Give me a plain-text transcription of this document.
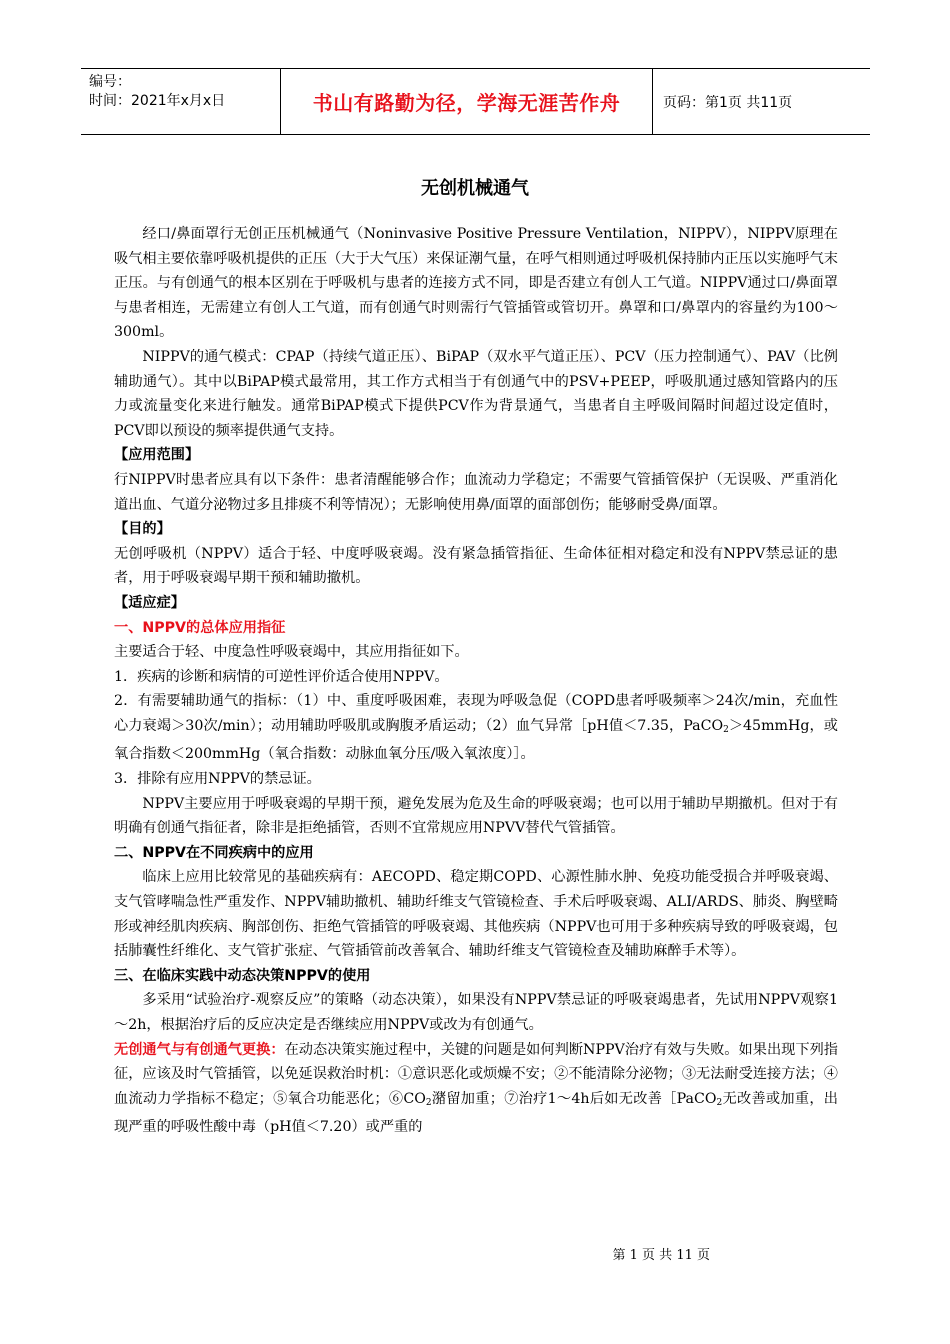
编号：
时间：2021年x月x日	书山有路勤为径，学海无涯苦作舟	页码：第1页 共11页
无创机械通气

经口/鼻面罩行无创正压机械通气（Noninvasive Positive Pressure Ventilation，NIPPV），NIPPV原理在吸气相主要依靠呼吸机提供的正压（大于大气压）来保证潮气量，在呼气相则通过呼吸机保持肺内正压以实施呼气末正压。与有创通气的根本区别在于呼吸机与患者的连接方式不同，即是否建立有创人工气道。NIPPV通过口/鼻面罩与患者相连，无需建立有创人工气道，而有创通气时则需行气管插管或管切开。鼻罩和口/鼻罩内的容量约为100～300ml。

NIPPV的通气模式：CPAP（持续气道正压）、BiPAP（双水平气道正压）、PCV（压力控制通气）、PAV（比例辅助通气）。其中以BiPAP模式最常用，其工作方式相当于有创通气中的PSV+PEEP，呼吸肌通过感知管路内的压力或流量变化来进行触发。通常BiPAP模式下提供PCV作为背景通气，当患者自主呼吸间隔时间超过设定值时，PCV即以预设的频率提供通气支持。

【应用范围】

行NIPPV时患者应具有以下条件：患者清醒能够合作；血流动力学稳定；不需要气管插管保护（无误吸、严重消化道出血、气道分泌物过多且排痰不利等情况）；无影响使用鼻/面罩的面部创伤；能够耐受鼻/面罩。

【目的】

无创呼吸机（NPPV）适合于轻、中度呼吸衰竭。没有紧急插管指征、生命体征相对稳定和没有NPPV禁忌证的患者，用于呼吸衰竭早期干预和辅助撤机。

【适应症】

一、NPPV的总体应用指征

主要适合于轻、中度急性呼吸衰竭中，其应用指征如下。

1．疾病的诊断和病情的可逆性评价适合使用NPPV。

2．有需要辅助通气的指标：（1）中、重度呼吸困难，表现为呼吸急促（COPD患者呼吸频率＞24次/min，充血性心力衰竭＞30次/min）；动用辅助呼吸肌或胸腹矛盾运动；（2）血气异常［pH值＜7.35，PaCO$_2$＞45mmHg，或氧合指数＜200mmHg（氧合指数：动脉血氧分压/吸入氧浓度）］。

3．排除有应用NPPV的禁忌证。

NPPV主要应用于呼吸衰竭的早期干预，避免发展为危及生命的呼吸衰竭；也可以用于辅助早期撤机。但对于有明确有创通气指征者，除非是拒绝插管，否则不宜常规应用NPVV替代气管插管。

二、NPPV在不同疾病中的应用

临床上应用比较常见的基础疾病有：AECOPD、稳定期COPD、心源性肺水肿、免疫功能受损合并呼吸衰竭、支气管哮喘急性严重发作、NPPV辅助撤机、辅助纤维支气管镜检查、手术后呼吸衰竭、ALI/ARDS、肺炎、胸壁畸形或神经肌肉疾病、胸部创伤、拒绝气管插管的呼吸衰竭、其他疾病（NPPV也可用于多种疾病导致的呼吸衰竭，包括肺囊性纤维化、支气管扩张症、气管插管前改善氧合、辅助纤维支气管镜检查及辅助麻醉手术等）。

三、在临床实践中动态决策NPPV的使用

多采用“试验治疗-观察反应”的策略（动态决策），如果没有NPPV禁忌证的呼吸衰竭患者，先试用NPPV观察1～2h，根据治疗后的反应决定是否继续应用NPPV或改为有创通气。

无创通气与有创通气更换：在动态决策实施过程中，关键的问题是如何判断NPPV治疗有效与失败。如果出现下列指征，应该及时气管插管，以免延误救治时机：①意识恶化或烦燥不安；②不能清除分泌物；③无法耐受连接方法；④血流动力学指标不稳定；⑤氧合功能恶化；$⑥CO_2$潴留加重；⑦治疗1～4h后如无改善［PaCO$_2$无改善或加重，出现严重的呼吸性酸中毒（pH值＜7.20）或严重的

第 1 页 共 11 页
